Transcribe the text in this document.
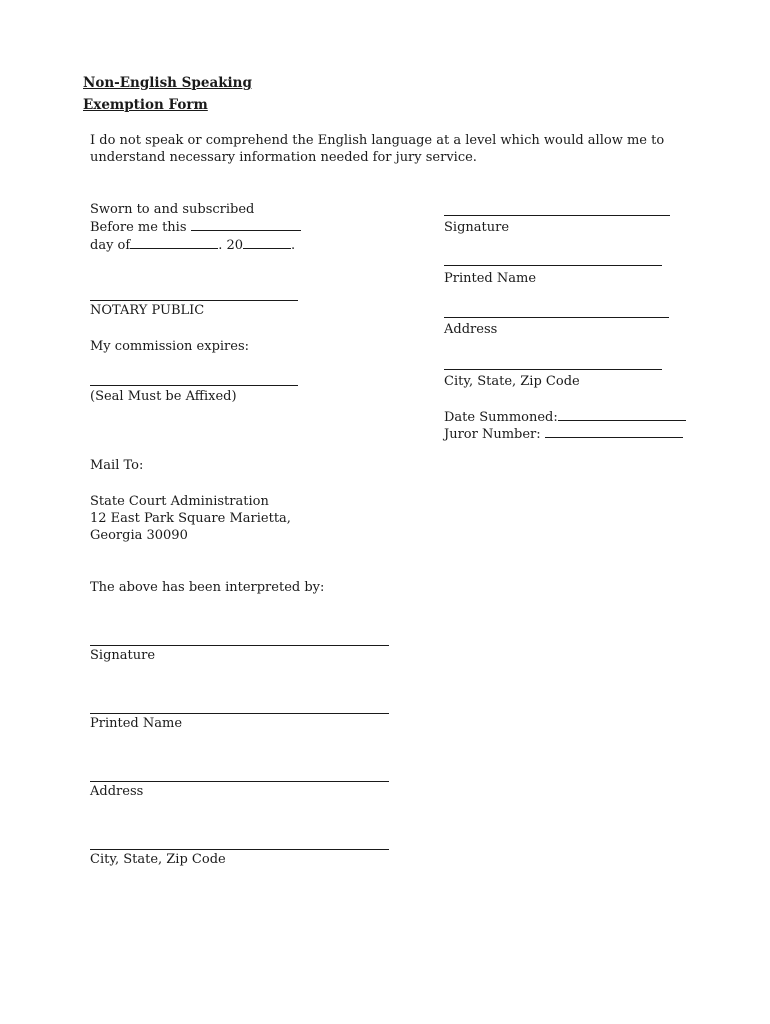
Non-English Speaking
Exemption Form
I do not speak or comprehend the English language at a level which would allow me to
understand necessary information needed for jury service.
Sworn to and subscribed
Before me this
day of	. 20	.
NOTARY PUBLIC
My commission expires:
(Seal Must be Affixed)
Signature
Printed Name
Address
City, State, Zip Code
Date Summoned:
Juror Number:
Mail To:
State Court Administration
12 East Park Square Marietta,
Georgia 30090
The above has been interpreted by:
Signature
Printed Name
Address
City, State, Zip Code
